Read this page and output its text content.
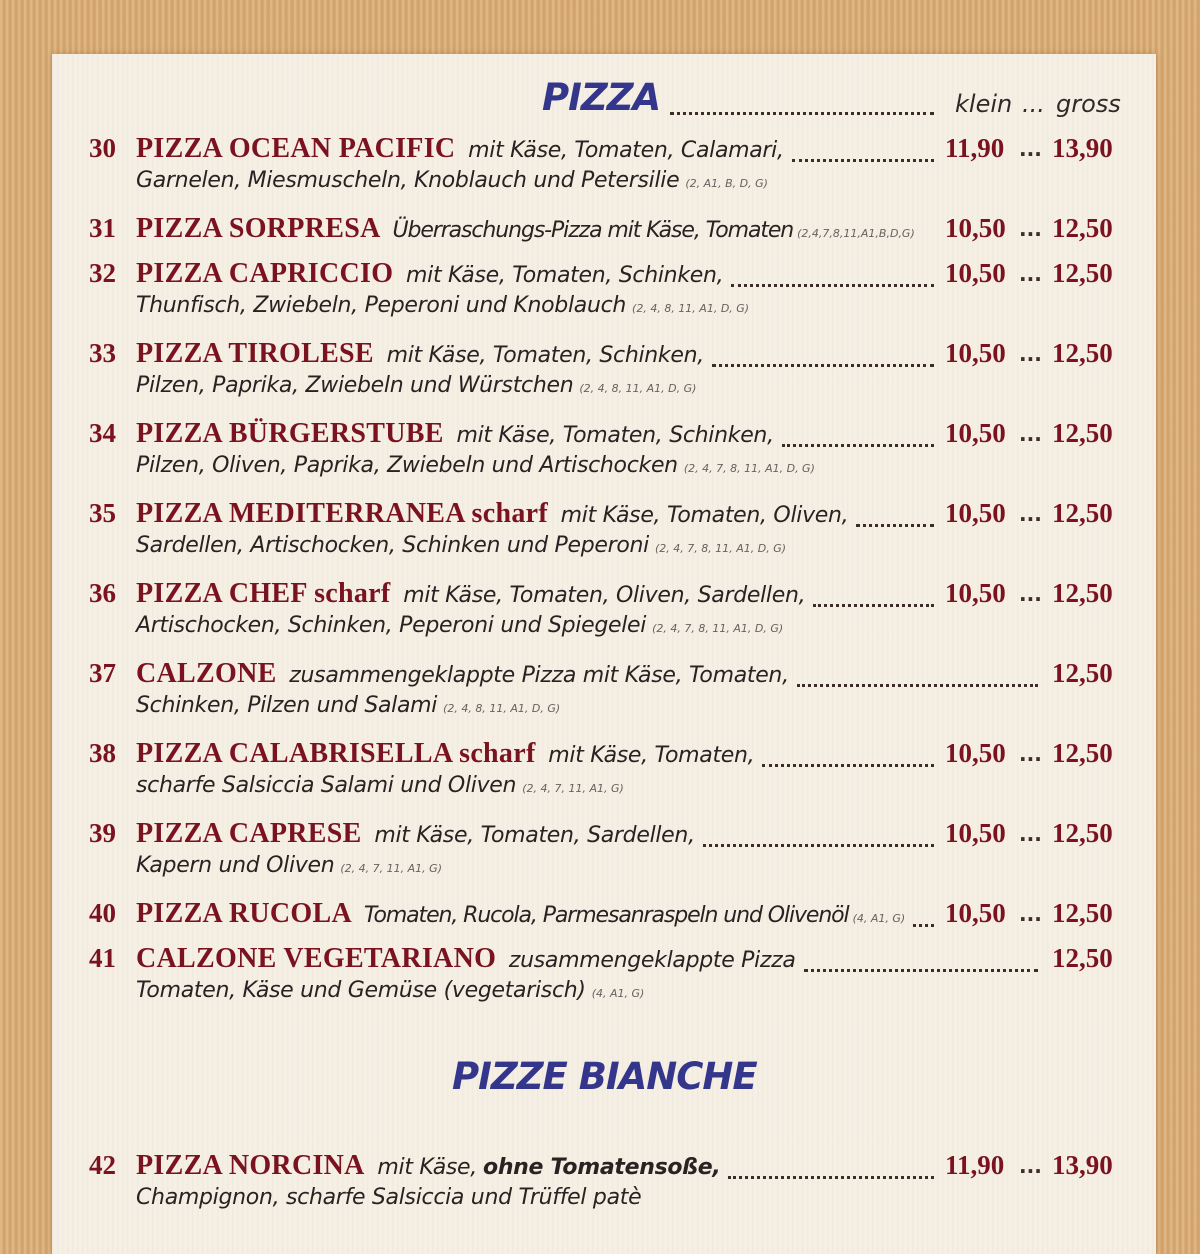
PIZZA	klein ... gross
PIZZE BIANCHE
30 PIZZA OCEAN PACIFIC mit Käse, Tomaten, Calamari,	11,90 ... 13,90
Garnelen, Miesmuscheln, Knoblauch und Petersilie (2, A1, B, D, G)
31 PIZZA SORPRESA Überraschungs-Pizza mit Käse, Tomaten (2,4,7,8,11,A1,B,D,G) 10,50 ... 12,50
32 PIZZA CAPRICCIO mit Käse, Tomaten, Schinken,	10,50 ... 12,50
Thunfisch, Zwiebeln, Peperoni und Knoblauch (2, 4, 8, 11, A1, D, G)
33 PIZZA TIROLESE mit Käse, Tomaten, Schinken,	10,50 ... 12,50
Pilzen, Paprika, Zwiebeln und Würstchen (2, 4, 8, 11, A1, D, G)
34 PIZZA BÜRGERSTUBE mit Käse, Tomaten, Schinken,	10,50 ... 12,50
Pilzen, Oliven, Paprika, Zwiebeln und Artischocken (2, 4, 7, 8, 11, A1, D, G)
35 PIZZA MEDITERRANEA scharf mit Käse, Tomaten, Oliven,	10,50 ... 12,50
Sardellen, Artischocken, Schinken und Peperoni (2, 4, 7, 8, 11, A1, D, G)
36 PIZZA CHEF scharf mit Käse, Tomaten, Oliven, Sardellen,	10,50 ... 12,50
Artischocken, Schinken, Peperoni und Spiegelei (2, 4, 7, 8, 11, A1, D, G)
37 CALZONE zusammengeklappte Pizza mit Käse, Tomaten,	12,50
Schinken, Pilzen und Salami (2, 4, 8, 11, A1, D, G)
38 PIZZA CALABRISELLA scharf mit Käse, Tomaten,	10,50 ... 12,50
scharfe Salsiccia Salami und Oliven (2, 4, 7, 11, A1, G)
39 PIZZA CAPRESE mit Käse, Tomaten, Sardellen,	10,50 ... 12,50
Kapern und Oliven (2, 4, 7, 11, A1, G)
40 PIZZA RUCOLA Tomaten, Rucola, Parmesanraspeln und Olivenöl (4, A1, G) 10,50 ... 12,50
41 CALZONE VEGETARIANO zusammengeklappte Pizza	12,50
Tomaten, Käse und Gemüse (vegetarisch) (4, A1, G)
42 PIZZA NORCINA mit Käse, ohne Tomatensoße,	11,90 ... 13,90
Champignon, scharfe Salsiccia und Trüffel patè
